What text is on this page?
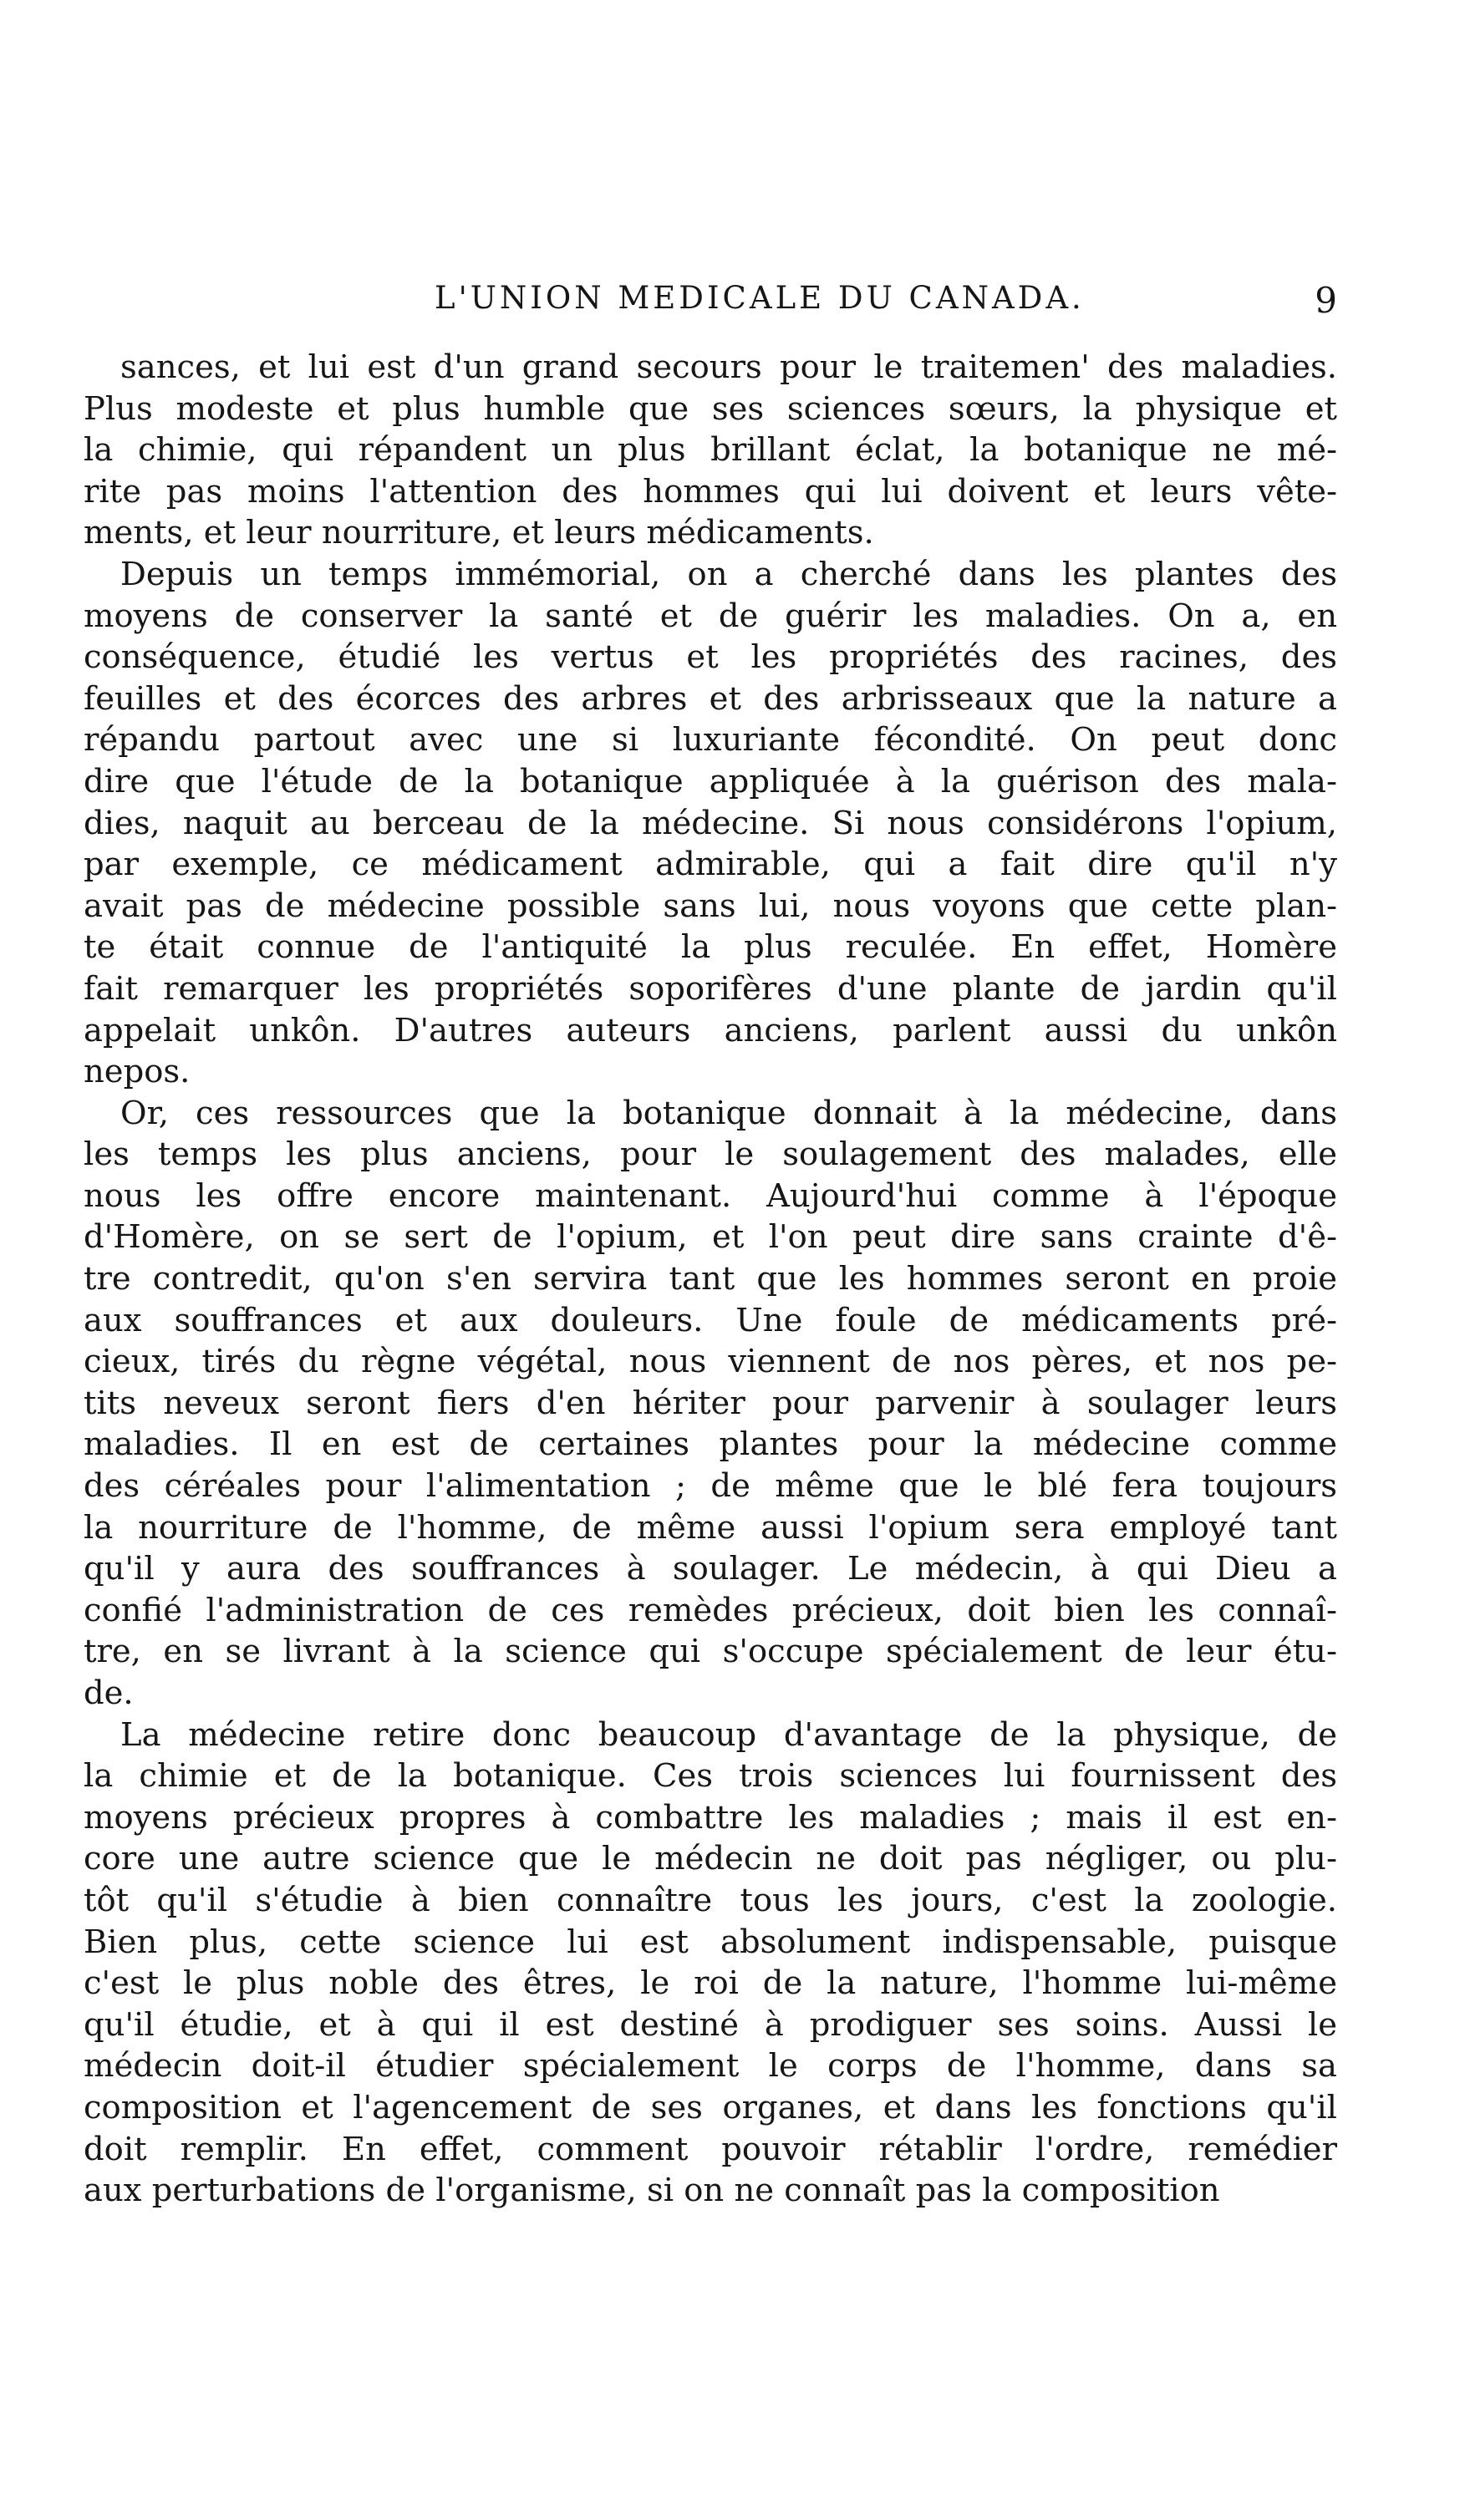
L'UNION MEDICALE DU CANADA.	9
sances, et lui est d'un grand secours pour le traitemen' des maladies.
Plus modeste et plus humble que ses sciences sœurs, la physique et
la chimie, qui répandent un plus brillant éclat, la botanique ne mé-
rite pas moins l'attention des hommes qui lui doivent et leurs vête-
ments, et leur nourriture, et leurs médicaments.
Depuis un temps immémorial, on a cherché dans les plantes des
moyens de conserver la santé et de guérir les maladies. On a, en
conséquence, étudié les vertus et les propriétés des racines, des
feuilles et des écorces des arbres et des arbrisseaux que la nature a
répandu partout avec une si luxuriante fécondité. On peut donc
dire que l'étude de la botanique appliquée à la guérison des mala-
dies, naquit au berceau de la médecine. Si nous considérons l'opium,
par exemple, ce médicament admirable, qui a fait dire qu'il n'y
avait pas de médecine possible sans lui, nous voyons que cette plan-
te était connue de l'antiquité la plus reculée. En effet, Homère
fait remarquer les propriétés soporifères d'une plante de jardin qu'il
appelait unkôn. D'autres auteurs anciens, parlent aussi du unkôn
nepos.
Or, ces ressources que la botanique donnait à la médecine, dans
les temps les plus anciens, pour le soulagement des malades, elle
nous les offre encore maintenant. Aujourd'hui comme à l'époque
d'Homère, on se sert de l'opium, et l'on peut dire sans crainte d'ê-
tre contredit, qu'on s'en servira tant que les hommes seront en proie
aux souffrances et aux douleurs. Une foule de médicaments pré-
cieux, tirés du règne végétal, nous viennent de nos pères, et nos pe-
tits neveux seront fiers d'en hériter pour parvenir à soulager leurs
maladies. Il en est de certaines plantes pour la médecine comme
des céréales pour l'alimentation ; de même que le blé fera toujours
la nourriture de l'homme, de même aussi l'opium sera employé tant
qu'il y aura des souffrances à soulager. Le médecin, à qui Dieu a
confié l'administration de ces remèdes précieux, doit bien les connaî-
tre, en se livrant à la science qui s'occupe spécialement de leur étu-
de.
La médecine retire donc beaucoup d'avantage de la physique, de
la chimie et de la botanique. Ces trois sciences lui fournissent des
moyens précieux propres à combattre les maladies ; mais il est en-
core une autre science que le médecin ne doit pas négliger, ou plu-
tôt qu'il s'étudie à bien connaître tous les jours, c'est la zoologie.
Bien plus, cette science lui est absolument indispensable, puisque
c'est le plus noble des êtres, le roi de la nature, l'homme lui-même
qu'il étudie, et à qui il est destiné à prodiguer ses soins. Aussi le
médecin doit-il étudier spécialement le corps de l'homme, dans sa
composition et l'agencement de ses organes, et dans les fonctions qu'il
doit remplir. En effet, comment pouvoir rétablir l'ordre, remédier
aux perturbations de l'organisme, si on ne connaît pas la composition
